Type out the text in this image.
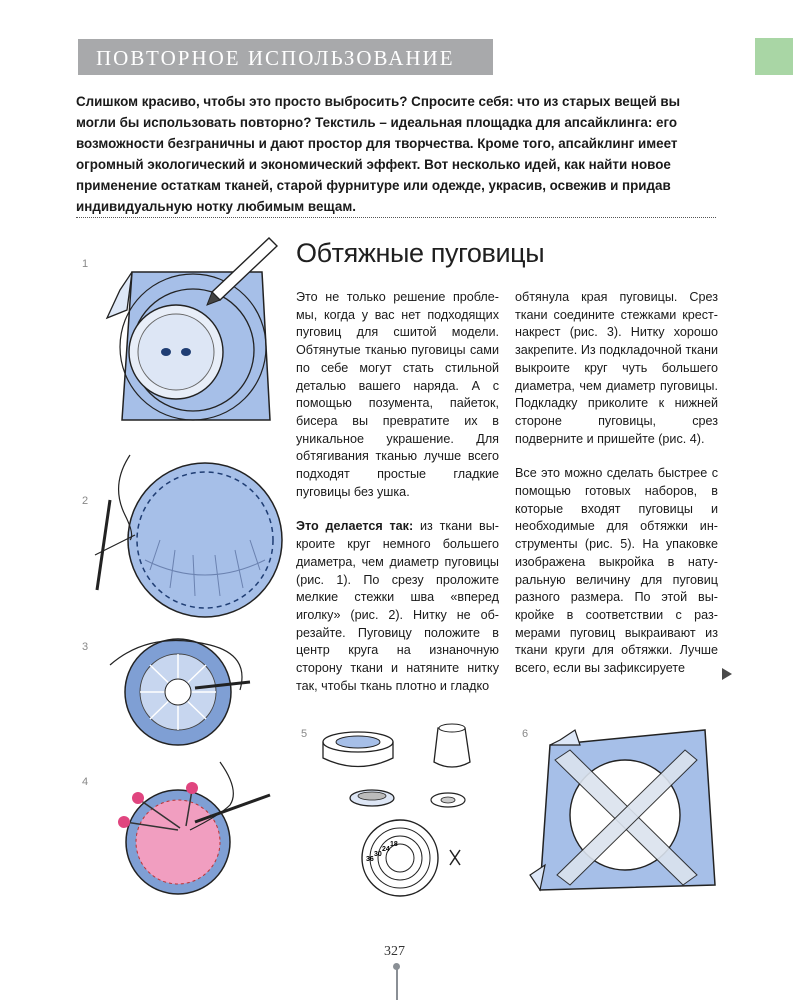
ПОВТОРНОЕ ИСПОЛЬЗОВАНИЕ
Слишком красиво, чтобы это просто выбросить? Спросите себя: что из старых вещей вы могли бы использовать повторно? Текстиль – идеальная площадка для апсайклинга: его возможности безграничны и дают простор для творчества. Кроме того, апсайклинг имеет огромный экологический и экономический эффект. Вот несколько идей, как найти новое применение остаткам тканей, старой фурнитуре или одежде, украсив, освежив и придав индивидуальную нотку любимым вещам.
Обтяжные пуговицы

Это не только решение проблемы, когда у вас нет подходящих пуговиц для сшитой модели. Обтянутые тканью пуговицы сами по себе могут стать стильной деталью вашего наряда. А с помощью позумента, пайеток, бисера вы превратите их в уникальное украшение. Для обтягивания тканью лучше всего подходят простые гладкие пуговицы без ушка.

Это делается так: из ткани выкроите круг немного большего диаметра, чем диаметр пуговицы (рис. 1). По срезу проложите мелкие стежки шва «вперед иголку» (рис. 2). Нитку не обрезайте. Пуговицу положите в центр круга на изнаночную сторону ткани и натяните нитку так, чтобы ткань плотно и гладко

обтянула края пуговицы. Срез ткани соедините стежками крест-накрест (рис. 3). Нитку хорошо закрепите. Из подкладочной ткани выкроите круг чуть большего диаметра, чем диаметр пуговицы. Подкладку приколите к нижней стороне пуговицы, срез подверните и пришейте (рис. 4).

Все это можно сделать быстрее с помощью готовых наборов, в которые входят пуговицы и необходимые для обтяжки инструменты (рис. 5). На упаковке изображена выкройка в натуральную величину для пуговиц разного размера. По этой выкройке в соответствии с размерами пуговиц выкраивают из ткани круги для обтяжки. Лучше всего, если вы зафиксируете

1
2
3
4
5	6
18
24
30
36
327
